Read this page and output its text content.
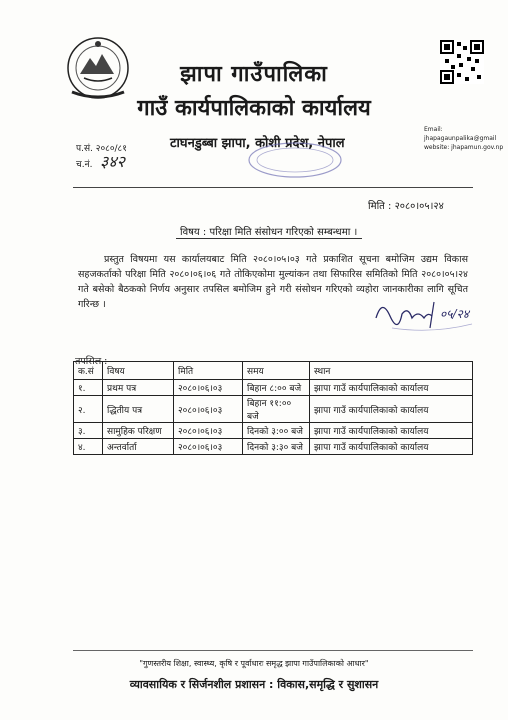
झापा गाउँपालिका
गाउँ कार्यपालिकाको कार्यालय
प.सं. २०८०/८१
च.नं. ३४२
टाघनडुब्बा झापा, कोशी प्रदेश, नेपाल
Email: jhapagaunpalika@gmail
website: jhapamun.gov.np
मिति : २०८०।०५।२४
विषय : परिक्षा मिति संसोधन गरिएको सम्बन्धमा ।
प्रस्तुत विषयमा यस कार्यालयबाट मिति २०८०।०५।०३ गते प्रकाशित सूचना बमोजिम उद्यम विकास सहजकर्ताको परिक्षा मिति २०८०।०६।०६ गते तोकिएकोमा मुल्यांकन तथा सिफारिस समितिको मिति २०८०।०५।२४ गते बसेको बैठकको निर्णय अनुसार तपसिल बमोजिम हुने गरी संसोधन गरिएको व्यहोरा जानकारीका लागि सूचित गरिन्छ ।
०५/२४
तपसिल :
क.सं	विषय	मिति	समय	स्थान
१.	प्रथम पत्र	२०८०।०६।०३	बिहान ८:०० बजे	झापा गाउँ कार्यपालिकाको कार्यालय
२.	द्धितीय पत्र	२०८०।०६।०३	बिहान ११:०० बजे	झापा गाउँ कार्यपालिकाको कार्यालय
३.	सामुहिक परिक्षण	२०८०।०६।०३	दिनको ३:०० बजे	झापा गाउँ कार्यपालिकाको कार्यालय
४.	अन्तर्वार्ता	२०८०।०६।०३	दिनको ३:३० बजे	झापा गाउँ कार्यपालिकाको कार्यालय
"गुणस्तरीय शिक्षा, स्वास्थ्य, कृषि र पूर्वाधारः समृद्ध झापा गाउँपालिकाको आधार"
व्यावसायिक र सिर्जनशील प्रशासन : विकास,समृद्धि र सुशासन
